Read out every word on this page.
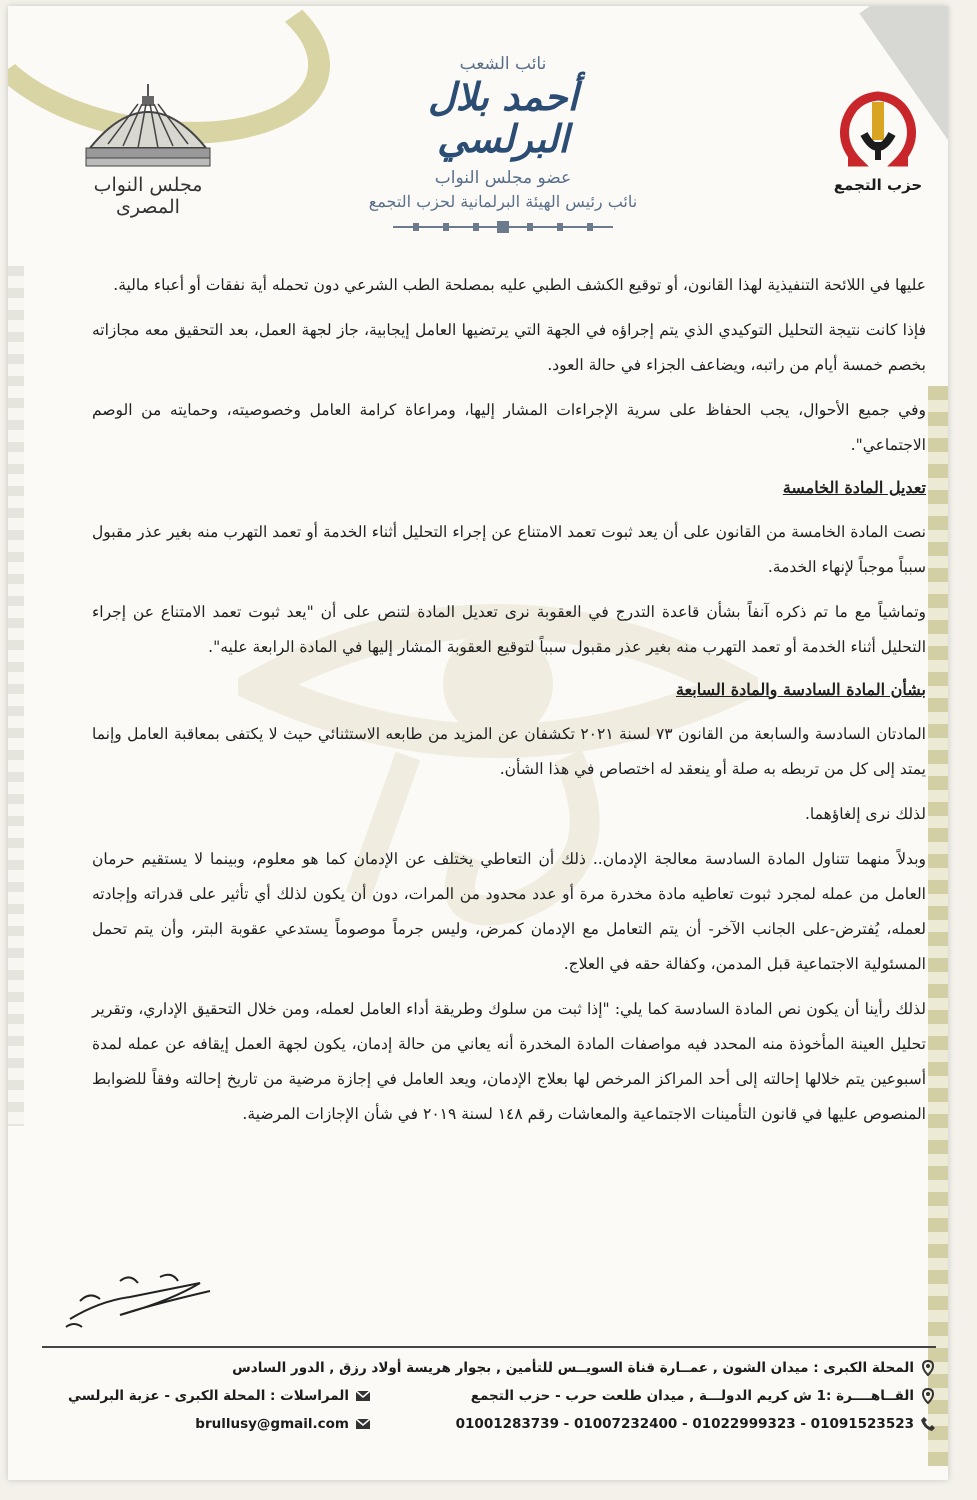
مجلس النواب المصرى
نائب الشعب
أحمد بلال البرلسي
عضو مجلس النواب
نائب رئيس الهيئة البرلمانية لحزب التجمع
حزب التجمع

عليها في اللائحة التنفيذية لهذا القانون، أو توقيع الكشف الطبي عليه بمصلحة الطب الشرعي دون تحمله أية نفقات أو أعباء مالية.

فإذا كانت نتيجة التحليل التوكيدي الذي يتم إجراؤه في الجهة التي يرتضيها العامل إيجابية، جاز لجهة العمل، بعد التحقيق معه مجازاته بخصم خمسة أيام من راتبه، ويضاعف الجزاء في حالة العود.

وفي جميع الأحوال، يجب الحفاظ على سرية الإجراءات المشار إليها، ومراعاة كرامة العامل وخصوصيته، وحمايته من الوصم الاجتماعي".

تعديل المادة الخامسة

نصت المادة الخامسة من القانون على أن يعد ثبوت تعمد الامتناع عن إجراء التحليل أثناء الخدمة أو تعمد التهرب منه بغير عذر مقبول سبباً موجباً لإنهاء الخدمة.

وتماشياً مع ما تم ذكره آنفاً بشأن قاعدة التدرج في العقوبة نرى تعديل المادة لتنص على أن "يعد ثبوت تعمد الامتناع عن إجراء التحليل أثناء الخدمة أو تعمد التهرب منه بغير عذر مقبول سبباً لتوقيع العقوبة المشار إليها في المادة الرابعة عليه".

بشأن المادة السادسة والمادة السابعة

المادتان السادسة والسابعة من القانون ٧٣ لسنة ٢٠٢١ تكشفان عن المزيد من طابعه الاستثنائي حيث لا يكتفى بمعاقبة العامل وإنما يمتد إلى كل من تربطه به صلة أو ينعقد له اختصاص في هذا الشأن.

لذلك نرى إلغاؤهما.

وبدلاً منهما تتناول المادة السادسة معالجة الإدمان.. ذلك أن التعاطي يختلف عن الإدمان كما هو معلوم، وبينما لا يستقيم حرمان العامل من عمله لمجرد ثبوت تعاطيه مادة مخدرة مرة أو عدد محدود من المرات، دون أن يكون لذلك أي تأثير على قدراته وإجادته لعمله، يُفترض-على الجانب الآخر- أن يتم التعامل مع الإدمان كمرض، وليس جرماً موصوماً يستدعي عقوبة البتر، وأن يتم تحمل المسئولية الاجتماعية قبل المدمن، وكفالة حقه في العلاج.

لذلك رأينا أن يكون نص المادة السادسة كما يلي: "إذا ثبت من سلوك وطريقة أداء العامل لعمله، ومن خلال التحقيق الإداري، وتقرير تحليل العينة المأخوذة منه المحدد فيه مواصفات المادة المخدرة أنه يعاني من حالة إدمان، يكون لجهة العمل إيقافه عن عمله لمدة أسبوعين يتم خلالها إحالته إلى أحد المراكز المرخص لها بعلاج الإدمان، ويعد العامل في إجازة مرضية من تاريخ إحالته وفقاً للضوابط المنصوص عليها في قانون التأمينات الاجتماعية والمعاشات رقم ١٤٨ لسنة ٢٠١٩ في شأن الإجازات المرضية.

المحلة الكبرى : ميدان الشون , عمــارة قناة السويــس للتأمين , بجوار هريسة أولاد رزق , الدور السادس
القــاهــــرة :1 ش كريم الدولـــة , ميدان طلعت حرب - حزب التجمع
المراسلات : المحلة الكبرى - عزبة البرلسي
01091523523 - 01022999323 - 01007232400 - 01001283739
brullusy@gmail.com
